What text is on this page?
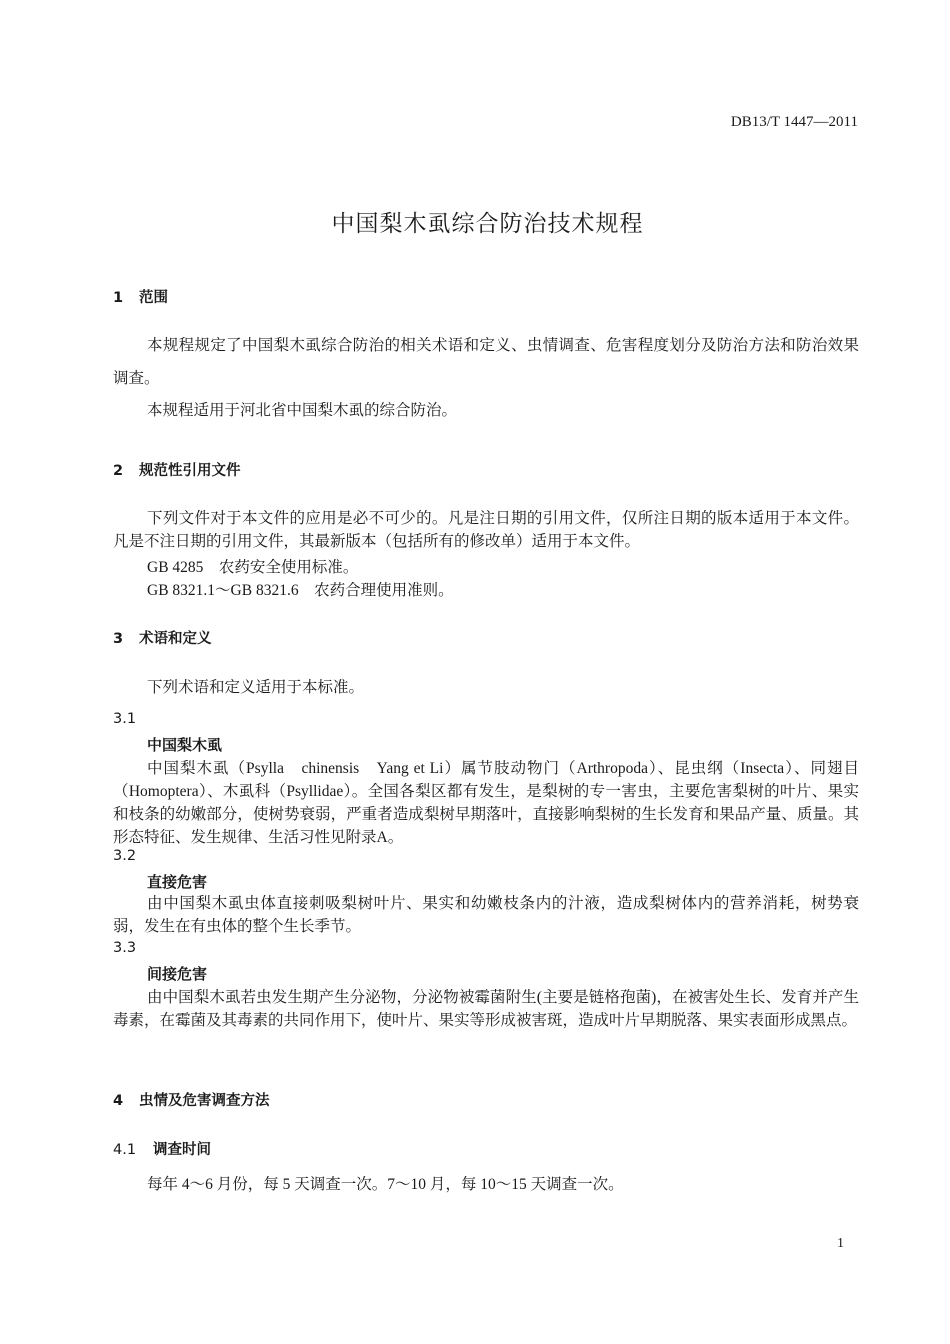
DB13/T 1447—2011
中国梨木虱综合防治技术规程
1 范围
本规程规定了中国梨木虱综合防治的相关术语和定义、虫情调查、危害程度划分及防治方法和防治效果调查。
本规程适用于河北省中国梨木虱的综合防治。
2 规范性引用文件
下列文件对于本文件的应用是必不可少的。凡是注日期的引用文件，仅所注日期的版本适用于本文件。凡是不注日期的引用文件，其最新版本（包括所有的修改单）适用于本文件。
GB 4285　农药安全使用标准。
GB 8321.1～GB 8321.6　农药合理使用准则。
3 术语和定义
下列术语和定义适用于本标准。
3.1
中国梨木虱
中国梨木虱（Psylla　chinensis　Yang et Li）属节肢动物门（Arthropoda）、昆虫纲（Insecta）、同翅目（Homoptera）、木虱科（Psyllidae）。全国各梨区都有发生，是梨树的专一害虫，主要危害梨树的叶片、果实和枝条的幼嫩部分，使树势衰弱，严重者造成梨树早期落叶，直接影响梨树的生长发育和果品产量、质量。其形态特征、发生规律、生活习性见附录A。
3.2
直接危害
由中国梨木虱虫体直接刺吸梨树叶片、果实和幼嫩枝条内的汁液，造成梨树体内的营养消耗，树势衰弱，发生在有虫体的整个生长季节。
3.3
间接危害
由中国梨木虱若虫发生期产生分泌物，分泌物被霉菌附生(主要是链格孢菌)，在被害处生长、发育并产生毒素，在霉菌及其毒素的共同作用下，使叶片、果实等形成被害斑，造成叶片早期脱落、果实表面形成黑点。
4 虫情及危害调查方法
4.1 调查时间
每年 4～6 月份，每 5 天调查一次。7～10 月，每 10～15 天调查一次。
1
